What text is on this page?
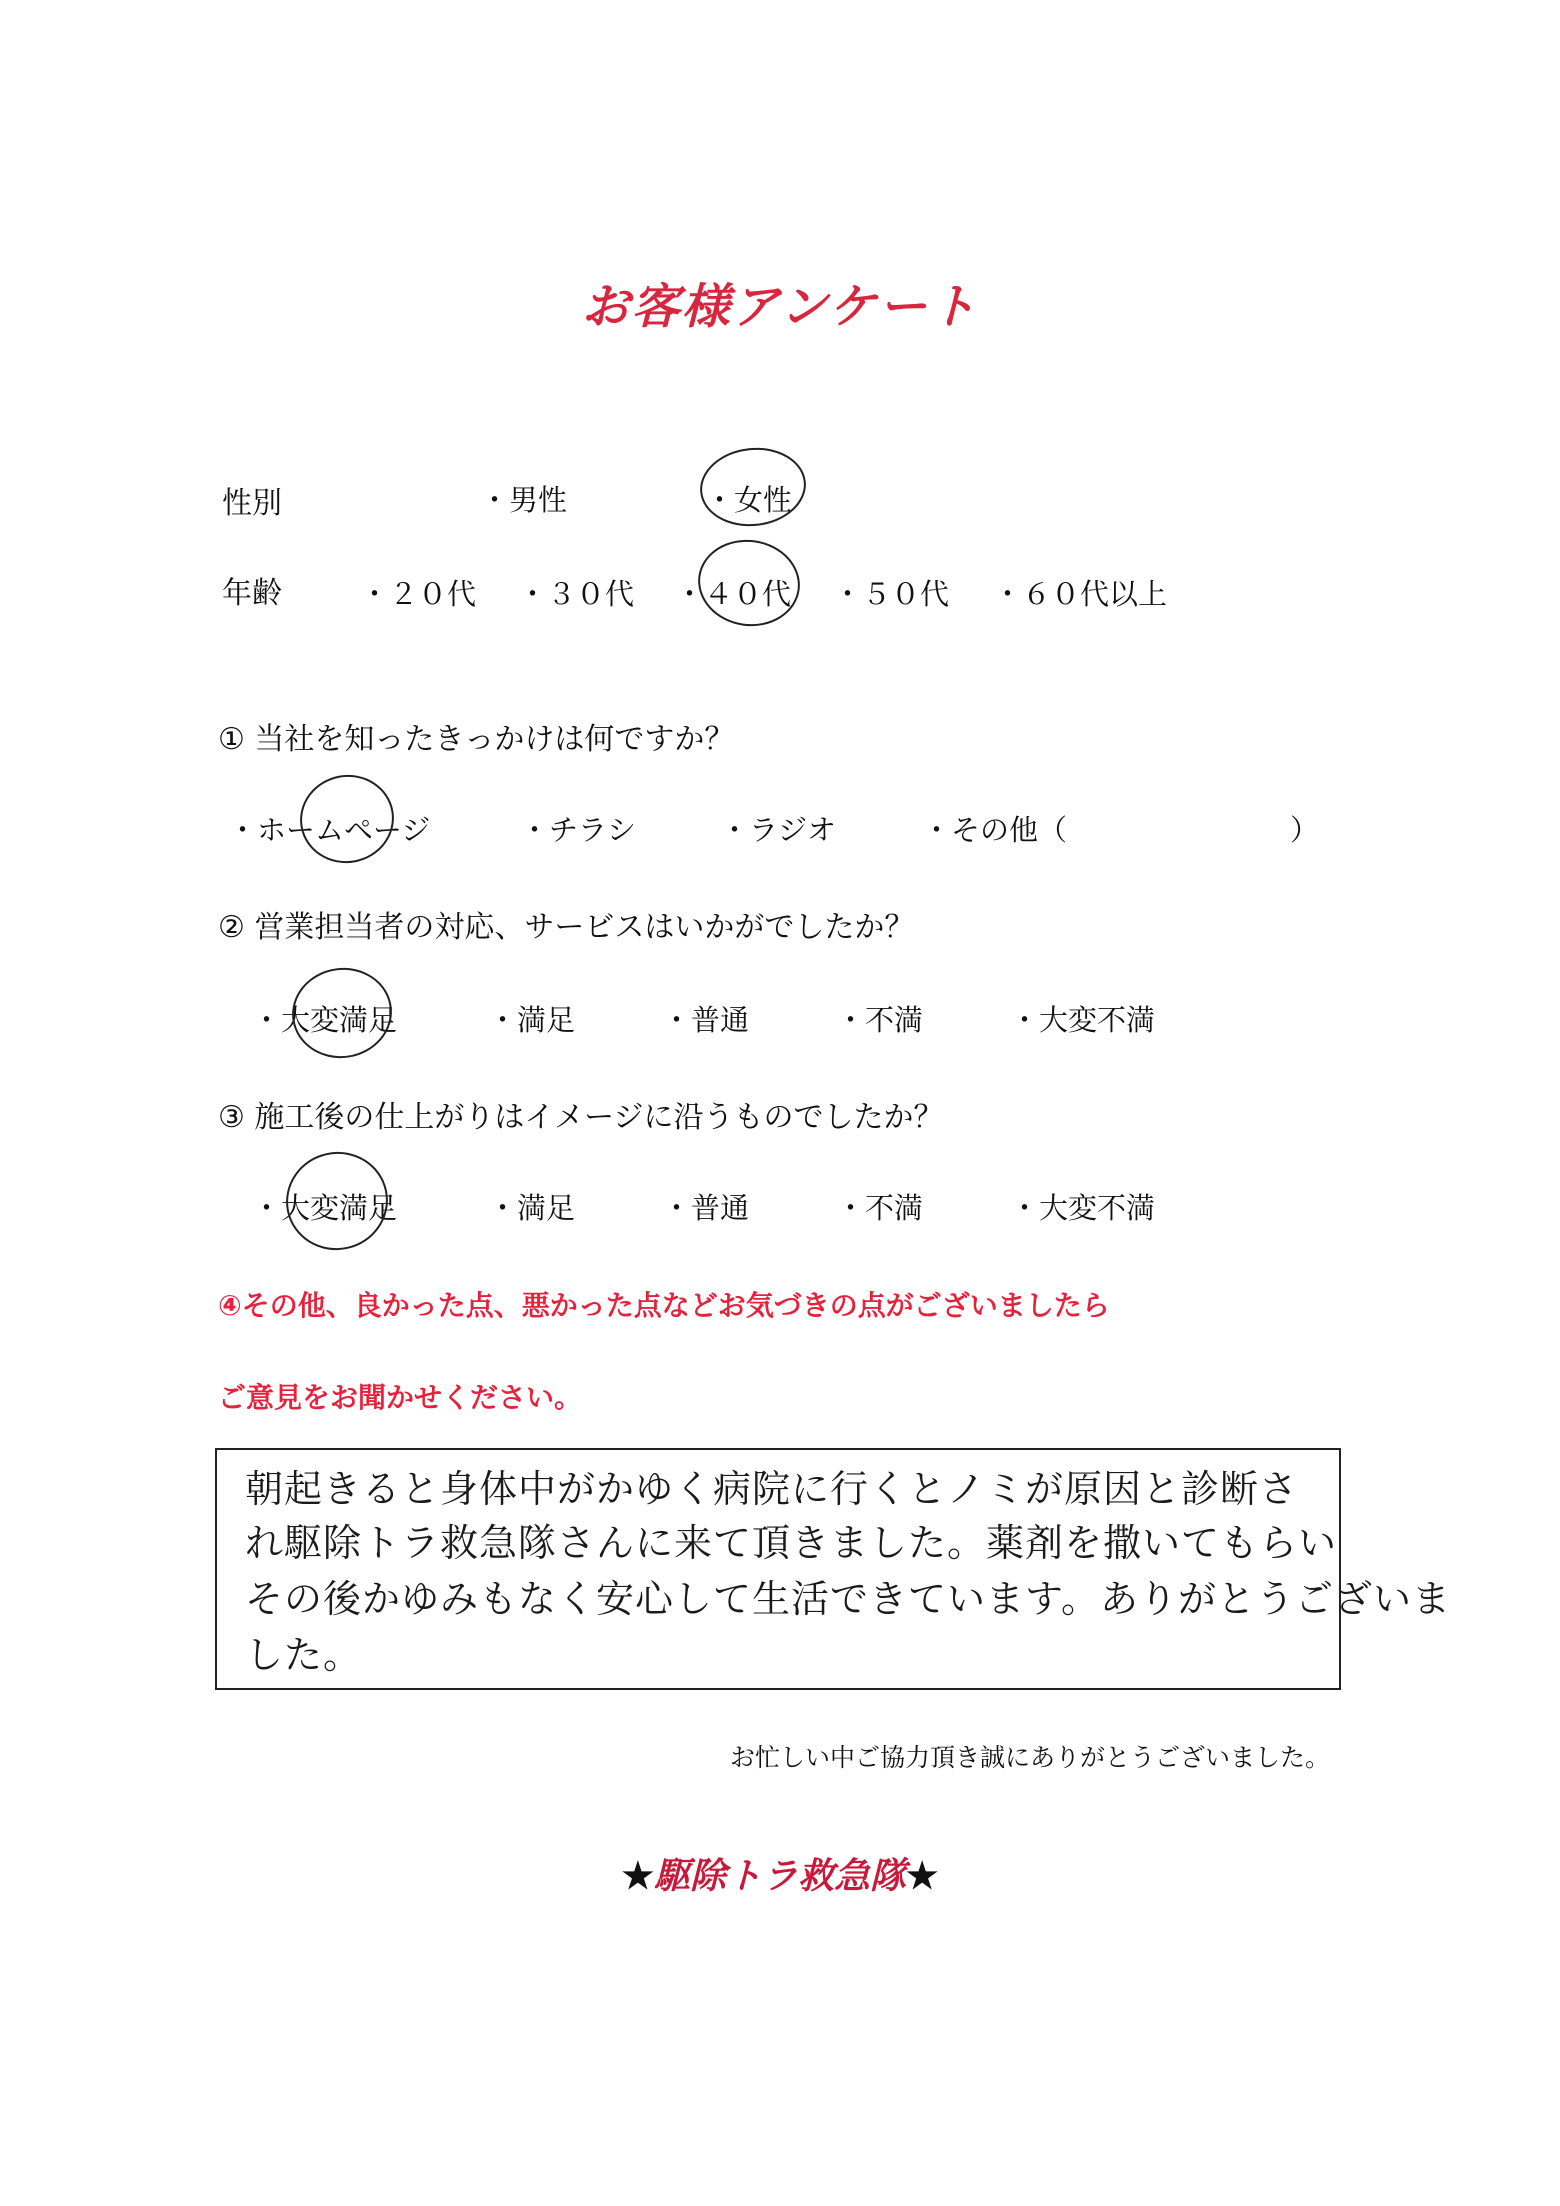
お客様アンケート
性別	・男性	・女性
年齢	・２０代 ・３０代 ・４０代 ・５０代 ・６０代以上
① 当社を知ったきっかけは何ですか？
・ホームページ	・チラシ	・ラジオ	・その他（	）
② 営業担当者の対応、サービスはいかがでしたか？
・大変満足	・満足	・普通	・不満	・大変不満
③ 施工後の仕上がりはイメージに沿うものでしたか？
・大変満足	・満足	・普通	・不満	・大変不満
④その他、良かった点、悪かった点などお気づきの点がございましたら
ご意見をお聞かせください。
朝起きると身体中がかゆく病院に行くとノミが原因と診断さ
れ駆除トラ救急隊さんに来て頂きました。薬剤を撒いてもらい
その後かゆみもなく安心して生活できています。ありがとうございま
した。
お忙しい中ご協力頂き誠にありがとうございました。
★駆除トラ救急隊★
